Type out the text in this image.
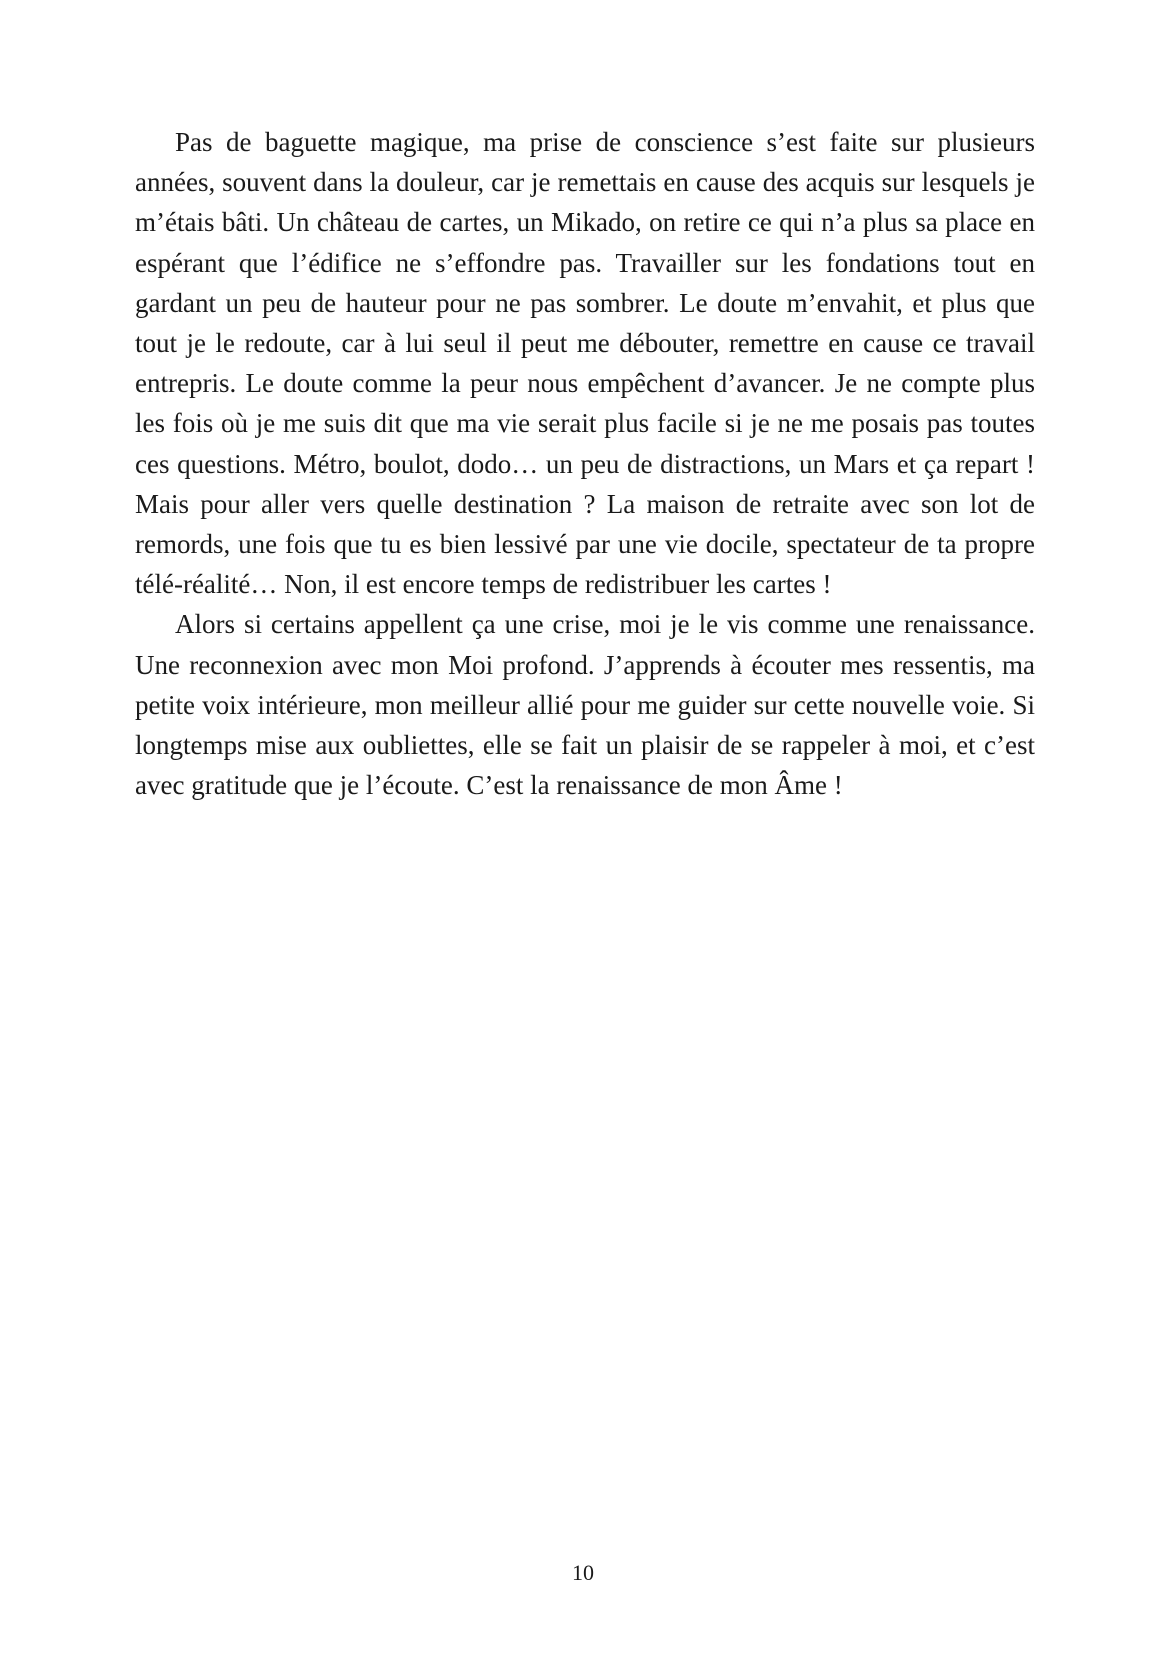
Pas de baguette magique, ma prise de conscience s’est faite sur plusieurs années, souvent dans la douleur, car je remettais en cause des acquis sur lesquels je m’étais bâti. Un château de cartes, un Mikado, on retire ce qui n’a plus sa place en espérant que l’édifice ne s’effondre pas. Travailler sur les fondations tout en gardant un peu de hauteur pour ne pas sombrer. Le doute m’envahit, et plus que tout je le redoute, car à lui seul il peut me débouter, remettre en cause ce travail entrepris. Le doute comme la peur nous empêchent d’avancer. Je ne compte plus les fois où je me suis dit que ma vie serait plus facile si je ne me posais pas toutes ces questions. Métro, boulot, dodo… un peu de distractions, un Mars et ça repart ! Mais pour aller vers quelle destination ? La maison de retraite avec son lot de remords, une fois que tu es bien lessivé par une vie docile, spectateur de ta propre télé-réalité… Non, il est encore temps de redistribuer les cartes !

Alors si certains appellent ça une crise, moi je le vis comme une renaissance. Une reconnexion avec mon Moi profond. J’apprends à écouter mes ressentis, ma petite voix intérieure, mon meilleur allié pour me guider sur cette nouvelle voie. Si longtemps mise aux oubliettes, elle se fait un plaisir de se rappeler à moi, et c’est avec gratitude que je l’écoute. C’est la renaissance de mon Âme !

10
